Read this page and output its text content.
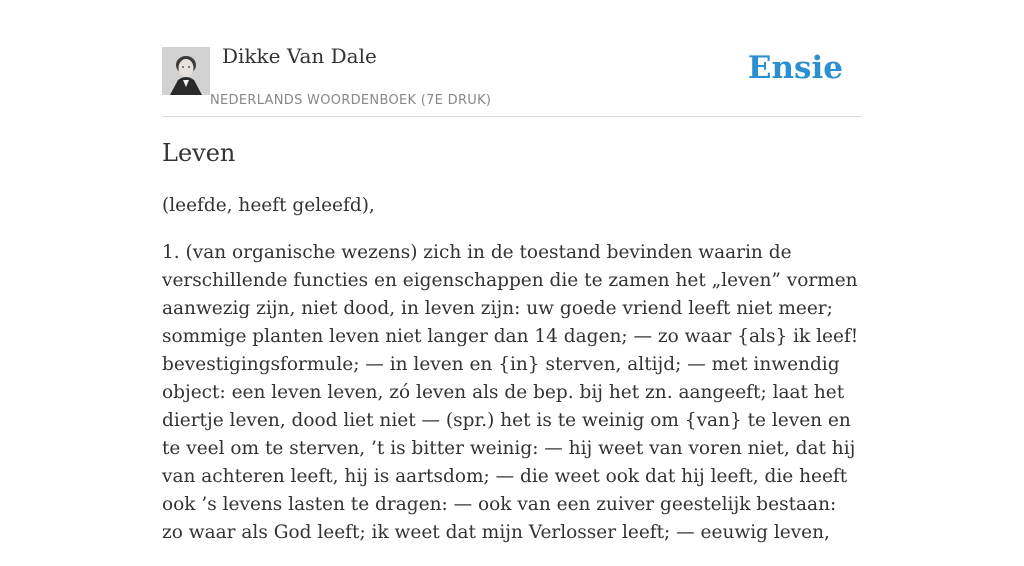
Dikke Van Dale
NEDERLANDS WOORDENBOEK (7E DRUK)
Ensie
Leven

(leefde, heeft geleefd),

1. (van organische wezens) zich in de toestand bevinden waarin de verschillende functies en eigenschappen die te zamen het „leven” vormen aanwezig zijn, niet dood, in leven zijn: uw goede vriend leeft niet meer; sommige planten leven niet langer dan 14 dagen; — zo waar {als} ik leef! bevestigingsformule; — in leven en {in} sterven, altijd; — met inwendig object: een leven leven, zó leven als de bep. bij het zn. aangeeft; laat het diertje leven, dood liet niet — (spr.) het is te weinig om {van} te leven en te veel om te sterven, ’t is bitter weinig: — hij weet van voren niet, dat hij van achteren leeft, hij is aartsdom; — die weet ook dat hij leeft, die heeft ook ’s levens lasten te dragen: — ook van een zuiver geestelijk bestaan: zo waar als God leeft; ik weet dat mijn Verlosser leeft; — eeuwig leven,
